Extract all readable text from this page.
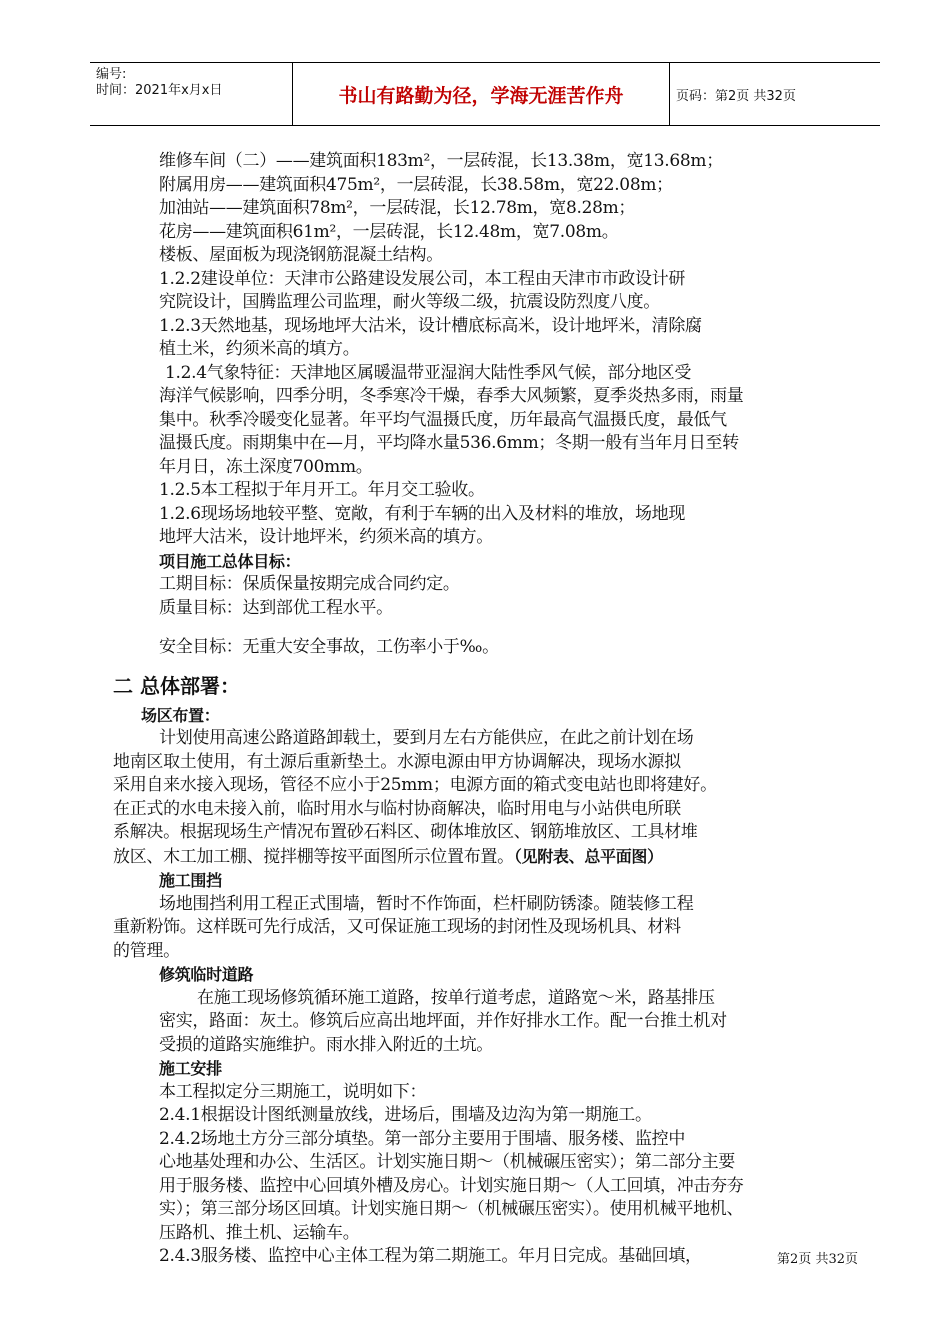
编号:
时间：2021年x月x日	书山有路勤为径，学海无涯苦作舟	页码：第2页 共32页

维修车间（二）——建筑面积183m²，一层砖混，长13.38m，宽13.68m；

附属用房——建筑面积475m²，一层砖混，长38.58m，宽22.08m；

加油站——建筑面积78m²，一层砖混，长12.78m，宽8.28m；

花房——建筑面积61m²，一层砖混，长12.48m，宽7.08m。

楼板、屋面板为现浇钢筋混凝土结构。

1.2.2建设单位：天津市公路建设发展公司，本工程由天津市市政设计研

究院设计，国腾监理公司监理，耐火等级二级，抗震设防烈度八度。

1.2.3天然地基，现场地坪大沽米，设计槽底标高米，设计地坪米，清除腐

植土米，约须米高的填方。

1.2.4气象特征：天津地区属暖温带亚湿润大陆性季风气候，部分地区受

海洋气候影响，四季分明，冬季寒冷干燥，春季大风频繁，夏季炎热多雨，雨量

集中。秋季冷暖变化显著。年平均气温摄氏度，历年最高气温摄氏度，最低气

温摄氏度。雨期集中在—月，平均降水量536.6mm；冬期一般有当年月日至转

年月日，冻土深度700mm。

1.2.5本工程拟于年月开工。年月交工验收。

1.2.6现场场地较平整、宽敞，有利于车辆的出入及材料的堆放，场地现

地坪大沽米，设计地坪米，约须米高的填方。

项目施工总体目标：

工期目标：保质保量按期完成合同约定。

质量目标：达到部优工程水平。

安全目标：无重大安全事故，工伤率小于‰。

二 总体部署：

场区布置：

计划使用高速公路道路卸载土，要到月左右方能供应，在此之前计划在场

地南区取土使用，有土源后重新垫土。水源电源由甲方协调解决，现场水源拟

采用自来水接入现场，管径不应小于25mm；电源方面的箱式变电站也即将建好。

在正式的水电未接入前，临时用水与临村协商解决，临时用电与小站供电所联

系解决。根据现场生产情况布置砂石料区、砌体堆放区、钢筋堆放区、工具材堆

放区、木工加工棚、搅拌棚等按平面图所示位置布置。（见附表、总平面图）

施工围挡

场地围挡利用工程正式围墙，暂时不作饰面，栏杆刷防锈漆。随装修工程

重新粉饰。这样既可先行成活，又可保证施工现场的封闭性及现场机具、材料

的管理。

修筑临时道路

在施工现场修筑循环施工道路，按单行道考虑，道路宽～米，路基排压

密实，路面：灰土。修筑后应高出地坪面，并作好排水工作。配一台推土机对

受损的道路实施维护。雨水排入附近的土坑。

施工安排

本工程拟定分三期施工，说明如下：

2.4.1根据设计图纸测量放线，进场后，围墙及边沟为第一期施工。

2.4.2场地土方分三部分填垫。第一部分主要用于围墙、服务楼、监控中

心地基处理和办公、生活区。计划实施日期～（机械碾压密实）；第二部分主要

用于服务楼、监控中心回填外槽及房心。计划实施日期～（人工回填，冲击夯夯

实）；第三部分场区回填。计划实施日期～（机械碾压密实）。使用机械平地机、

压路机、推土机、运输车。

2.4.3服务楼、监控中心主体工程为第二期施工。年月日完成。基础回填，	第2页 共32页
